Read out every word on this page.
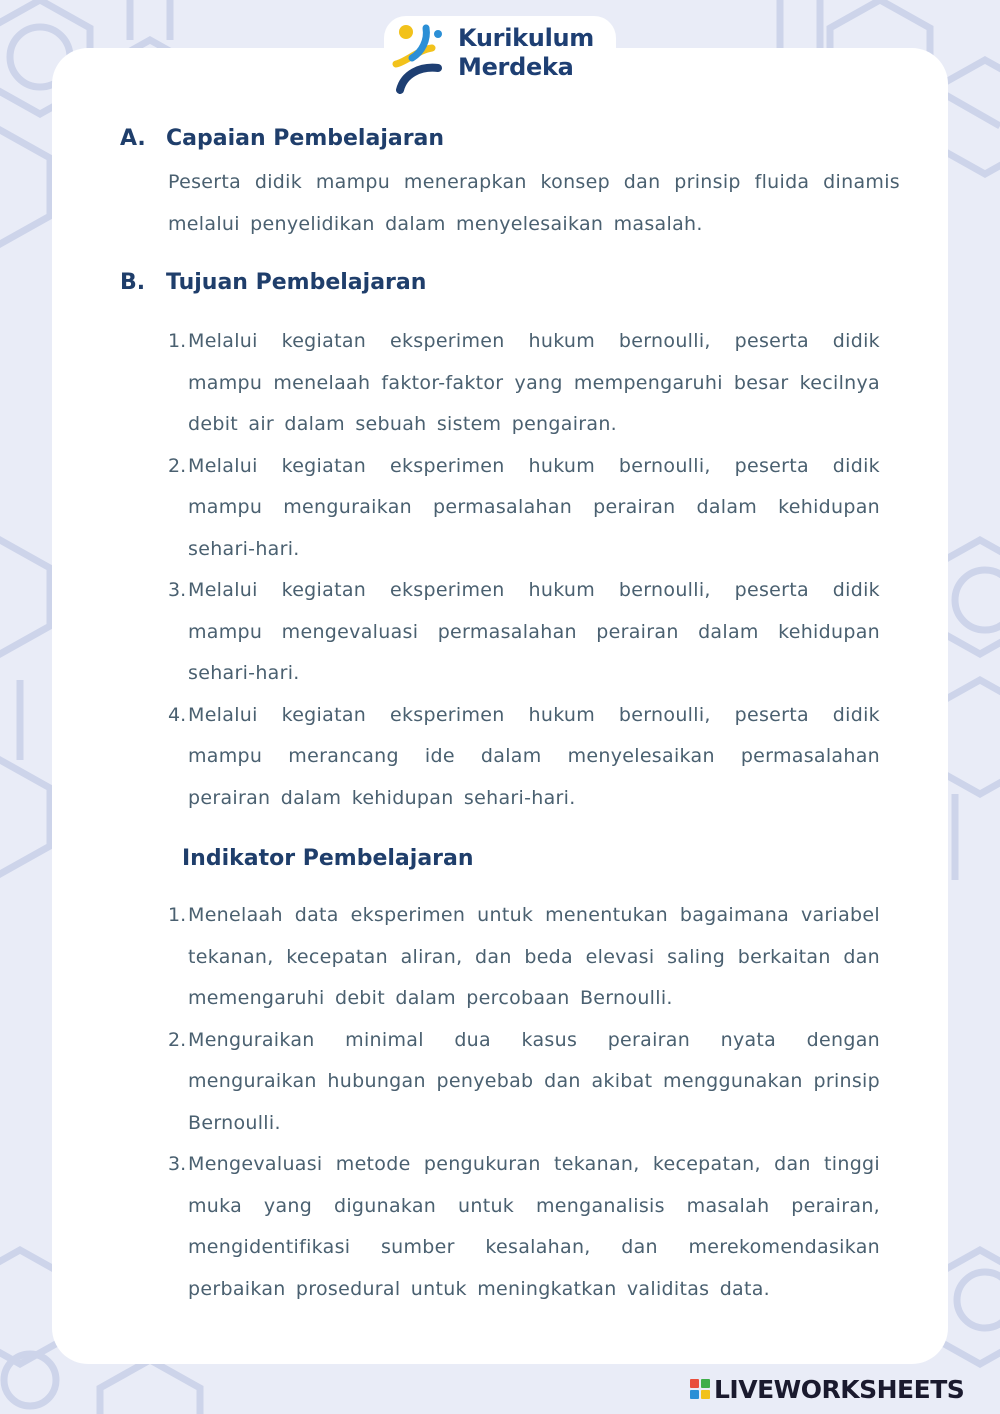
Kurikulum
Merdeka
A. Capaian Pembelajaran
Peserta didik mampu menerapkan konsep dan prinsip fluida dinamis melalui penyelidikan dalam menyelesaikan masalah.
B. Tujuan Pembelajaran
1. Melalui kegiatan eksperimen hukum bernoulli, peserta didik mampu menelaah faktor-faktor yang mempengaruhi besar kecilnya debit air dalam sebuah sistem pengairan.
2. Melalui kegiatan eksperimen hukum bernoulli, peserta didik mampu menguraikan permasalahan perairan dalam kehidupan sehari-hari.
3. Melalui kegiatan eksperimen hukum bernoulli, peserta didik mampu mengevaluasi permasalahan perairan dalam kehidupan sehari-hari.
4. Melalui kegiatan eksperimen hukum bernoulli, peserta didik mampu merancang ide dalam menyelesaikan permasalahan perairan dalam kehidupan sehari-hari.
Indikator Pembelajaran
1. Menelaah data eksperimen untuk menentukan bagaimana variabel tekanan, kecepatan aliran, dan beda elevasi saling berkaitan dan memengaruhi debit dalam percobaan Bernoulli.
2. Menguraikan minimal dua kasus perairan nyata dengan menguraikan hubungan penyebab dan akibat menggunakan prinsip Bernoulli.
3. Mengevaluasi metode pengukuran tekanan, kecepatan, dan tinggi muka yang digunakan untuk menganalisis masalah perairan, mengidentifikasi sumber kesalahan, dan merekomendasikan perbaikan prosedural untuk meningkatkan validitas data.
LIVEWORKSHEETS
